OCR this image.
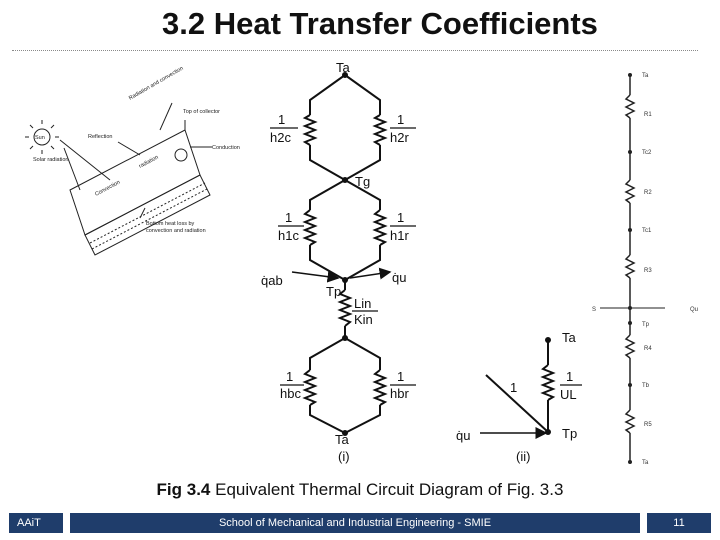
3.2 Heat Transfer Coefficients
Sun
Radiation and convection
Top of collector
Reflection
Conduction
Solar radiation	radiation
Convection
Bottom heat loss by
convection and radiation
Ta
1
h2c
1
h2r
Tg
1
h1c
1
h1r
q̇ab	q̇u
Tp
Lin
Kin
1
hbc
1
hbr
Ta
(i)
Ta
1
1
UL
q̇u	Tp
(ii)
Ta
R1
Tc2
R2
Tc1
R3
S	Qu
Tp
R4
Tb
R5
Ta
Fig 3.4 Equivalent Thermal Circuit Diagram of Fig. 3.3
AAiT	School of Mechanical and Industrial Engineering - SMIE	11
